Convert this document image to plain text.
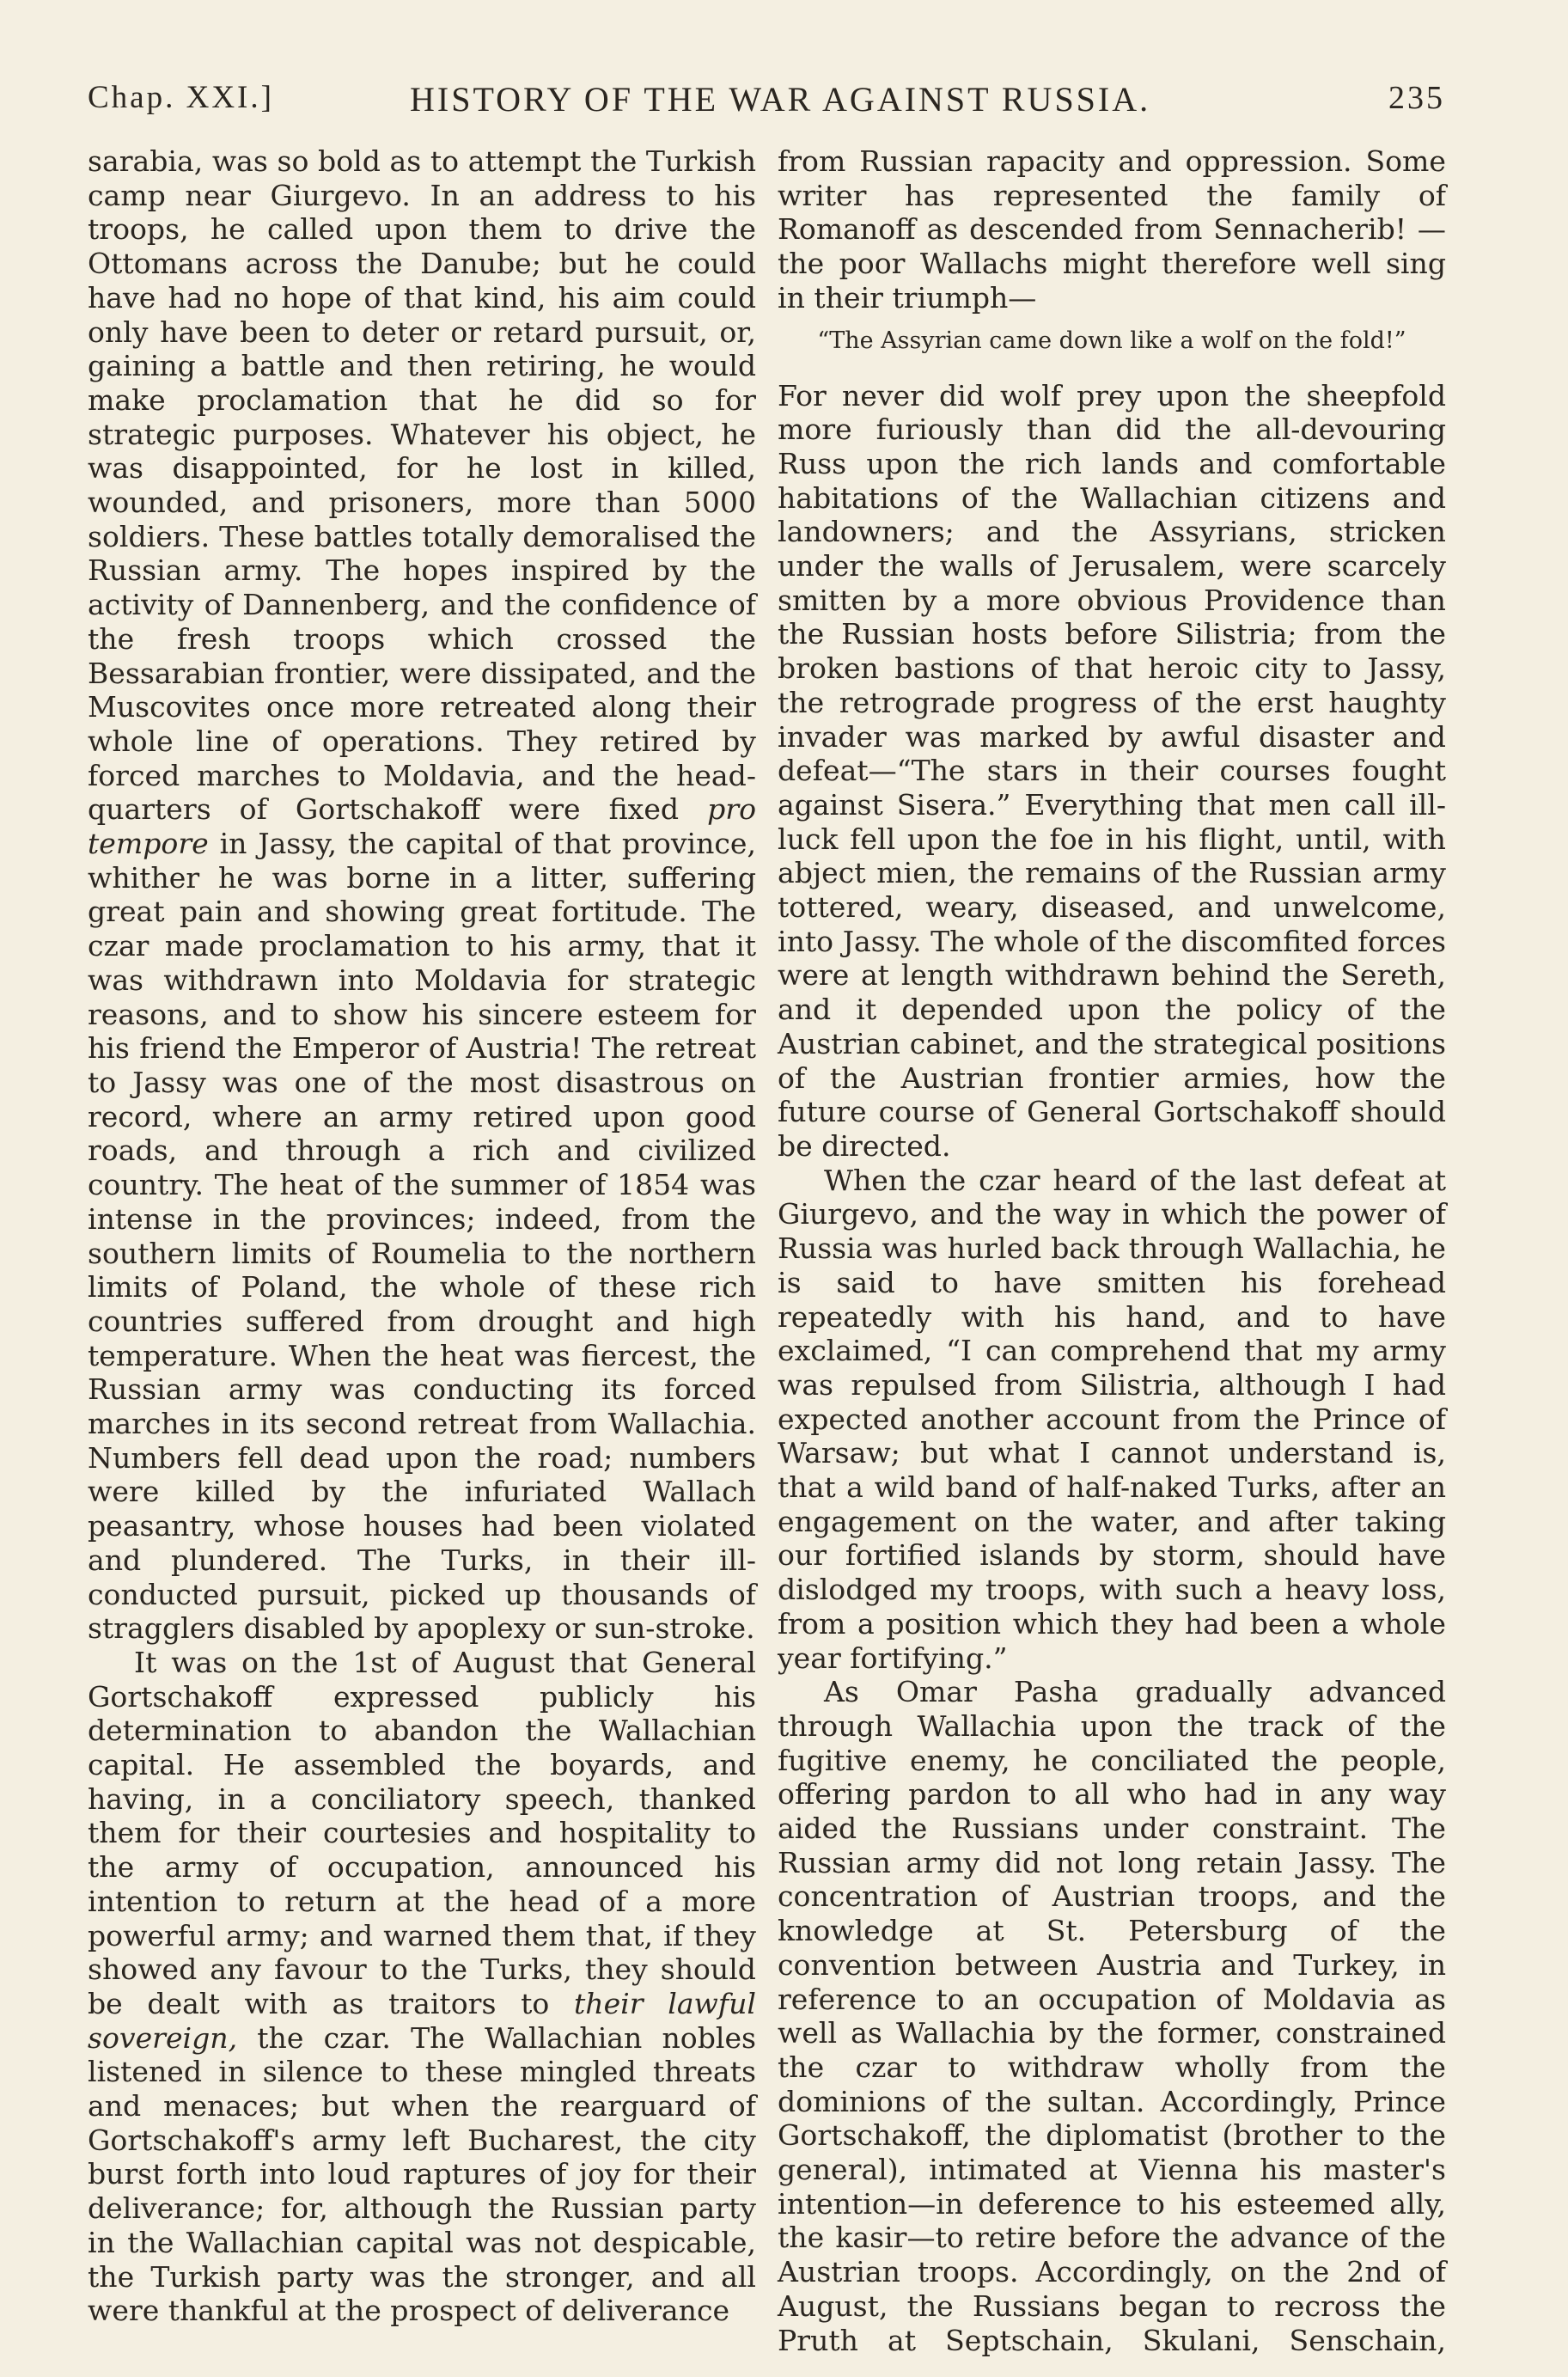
Chap. XXI.]	HISTORY OF THE WAR AGAINST RUSSIA.	235

sarabia, was so bold as to attempt the Turkish camp near Giurgevo. In an address to his troops, he called upon them to drive the Ottomans across the Danube; but he could have had no hope of that kind, his aim could only have been to deter or retard pursuit, or, gaining a battle and then retiring, he would make proclamation that he did so for strategic purposes. Whatever his object, he was disappointed, for he lost in killed, wounded, and prisoners, more than 5000 soldiers. These battles totally demoralised the Russian army. The hopes inspired by the activity of Dannenberg, and the confidence of the fresh troops which crossed the Bessarabian frontier, were dissipated, and the Muscovites once more retreated along their whole line of operations. They retired by forced marches to Moldavia, and the head-quarters of Gortschakoff were fixed pro tempore in Jassy, the capital of that province, whither he was borne in a litter, suffering great pain and showing great fortitude. The czar made proclamation to his army, that it was withdrawn into Moldavia for strategic reasons, and to show his sincere esteem for his friend the Emperor of Austria! The retreat to Jassy was one of the most disastrous on record, where an army retired upon good roads, and through a rich and civilized country. The heat of the summer of 1854 was intense in the provinces; indeed, from the southern limits of Roumelia to the northern limits of Poland, the whole of these rich countries suffered from drought and high temperature. When the heat was fiercest, the Russian army was conducting its forced marches in its second retreat from Wallachia. Numbers fell dead upon the road; numbers were killed by the infuriated Wallach peasantry, whose houses had been violated and plundered. The Turks, in their ill-conducted pursuit, picked up thousands of stragglers disabled by apoplexy or sun-stroke.

It was on the 1st of August that General Gortschakoff expressed publicly his determination to abandon the Wallachian capital. He assembled the boyards, and having, in a conciliatory speech, thanked them for their courtesies and hospitality to the army of occupation, announced his intention to return at the head of a more powerful army; and warned them that, if they showed any favour to the Turks, they should be dealt with as traitors to their lawful sovereign, the czar. The Wallachian nobles listened in silence to these mingled threats and menaces; but when the rearguard of Gortschakoff's army left Bucharest, the city burst forth into loud raptures of joy for their deliverance; for, although the Russian party in the Wallachian capital was not despicable, the Turkish party was the stronger, and all were thankful at the prospect of deliverance

from Russian rapacity and oppression. Some writer has represented the family of Romanoff as descended from Sennacherib! — the poor Wallachs might therefore well sing in their triumph—

“The Assyrian came down like a wolf on the fold!”

For never did wolf prey upon the sheepfold more furiously than did the all-devouring Russ upon the rich lands and comfortable habitations of the Wallachian citizens and landowners; and the Assyrians, stricken under the walls of Jerusalem, were scarcely smitten by a more obvious Providence than the Russian hosts before Silistria; from the broken bastions of that heroic city to Jassy, the retrograde progress of the erst haughty invader was marked by awful disaster and defeat—“The stars in their courses fought against Sisera.” Everything that men call ill-luck fell upon the foe in his flight, until, with abject mien, the remains of the Russian army tottered, weary, diseased, and unwelcome, into Jassy. The whole of the discomfited forces were at length withdrawn behind the Sereth, and it depended upon the policy of the Austrian cabinet, and the strategical positions of the Austrian frontier armies, how the future course of General Gortschakoff should be directed.

When the czar heard of the last defeat at Giurgevo, and the way in which the power of Russia was hurled back through Wallachia, he is said to have smitten his forehead repeatedly with his hand, and to have exclaimed, “I can comprehend that my army was repulsed from Silistria, although I had expected another account from the Prince of Warsaw; but what I cannot understand is, that a wild band of half-naked Turks, after an engagement on the water, and after taking our fortified islands by storm, should have dislodged my troops, with such a heavy loss, from a position which they had been a whole year fortifying.”

As Omar Pasha gradually advanced through Wallachia upon the track of the fugitive enemy, he conciliated the people, offering pardon to all who had in any way aided the Russians under constraint. The Russian army did not long retain Jassy. The concentration of Austrian troops, and the knowledge at St. Petersburg of the convention between Austria and Turkey, in reference to an occupation of Moldavia as well as Wallachia by the former, constrained the czar to withdraw wholly from the dominions of the sultan. Accordingly, Prince Gortschakoff, the diplomatist (brother to the general), intimated at Vienna his master's intention—in deference to his esteemed ally, the kasir—to retire before the advance of the Austrian troops. Accordingly, on the 2nd of August, the Russians began to recross the Pruth at Septschain, Skulani, Senschain,
